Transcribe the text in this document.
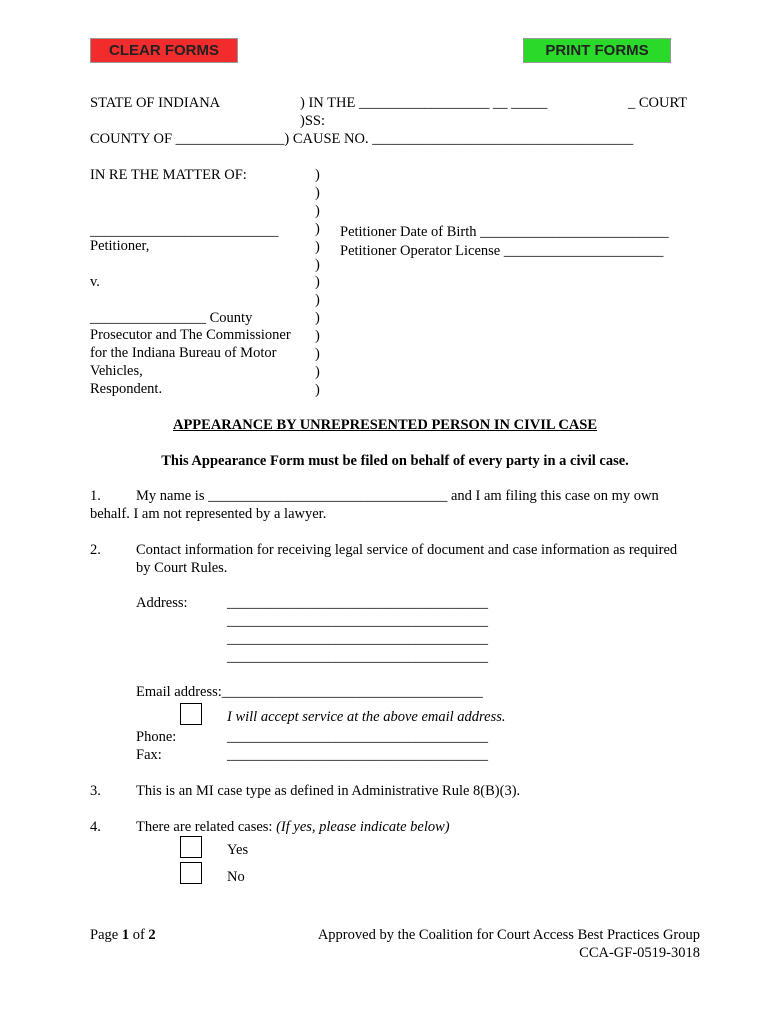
CLEAR FORMS	PRINT FORMS
STATE OF INDIANA	) IN THE __________________ __ _____	_ COURT
)SS:
COUNTY OF _______________) CAUSE NO. ____________________________________
IN RE THE MATTER OF:
__________________________
Petitioner,
v.
________________ County
Prosecutor and The Commissioner
for the Indiana Bureau of Motor
Vehicles,
Respondent.
)
)
)
)
)
)
)
)
)
)
)
)
)
Petitioner Date of Birth __________________________
Petitioner Operator License ______________________
APPEARANCE BY UNREPRESENTED PERSON IN CIVIL CASE
This Appearance Form must be filed on behalf of every party in a civil case.
1. My name is _________________________________ and I am filing this case on my own
behalf. I am not represented by a lawyer.
2. Contact information for receiving legal service of document and case information as required
by Court Rules.
Address:	____________________________________
____________________________________
____________________________________
____________________________________
Email address:____________________________________
I will accept service at the above email address.
Phone:	____________________________________
Fax:	____________________________________
3. This is an MI case type as defined in Administrative Rule 8(B)(3).
4. There are related cases: (If yes, please indicate below)
Yes
No
Page 1 of 2	Approved by the Coalition for Court Access Best Practices Group
CCA-GF-0519-3018
